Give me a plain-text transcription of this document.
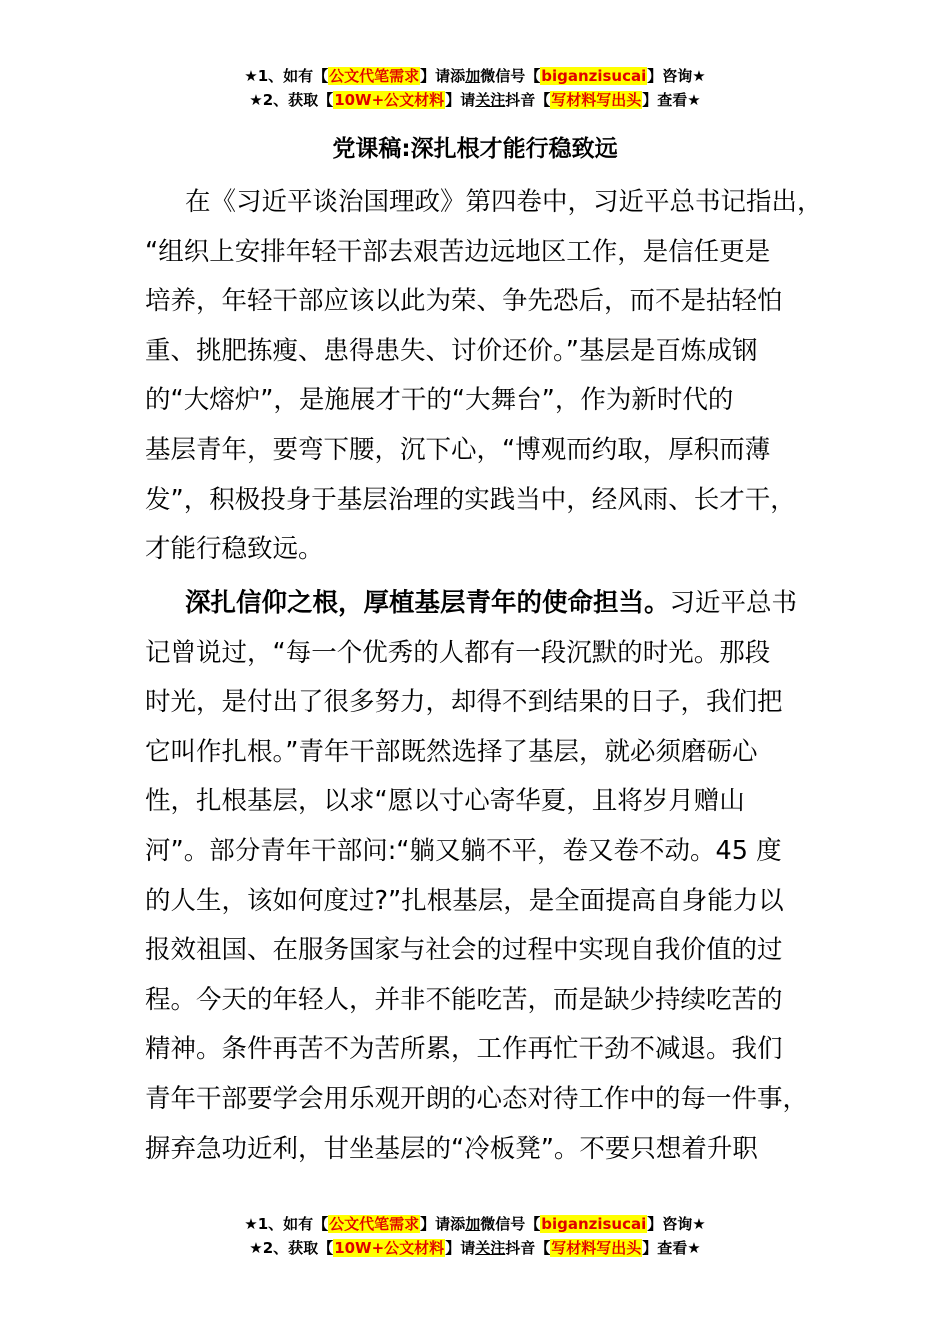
★1、如有【公文代笔需求】请添加微信号【biganzisucai】咨询★
★2、获取【10W+公文材料】请关注抖音【写材料写出头】查看★
党课稿:深扎根才能行稳致远
在《习近平谈治国理政》第四卷中，习近平总书记指出，
“组织上安排年轻干部去艰苦边远地区工作，是信任更是
培养，年轻干部应该以此为荣、争先恐后，而不是拈轻怕
重、挑肥拣瘦、患得患失、讨价还价。”基层是百炼成钢
的“大熔炉”，是施展才干的“大舞台”，作为新时代的
基层青年，要弯下腰，沉下心，“博观而约取，厚积而薄
发”，积极投身于基层治理的实践当中，经风雨、长才干，
才能行稳致远。
深扎信仰之根，厚植基层青年的使命担当。习近平总书
记曾说过，“每一个优秀的人都有一段沉默的时光。那段
时光，是付出了很多努力，却得不到结果的日子，我们把
它叫作扎根。”青年干部既然选择了基层，就必须磨砺心
性，扎根基层，以求“愿以寸心寄华夏，且将岁月赠山
河”。部分青年干部问:“躺又躺不平，卷又卷不动。45 度
的人生，该如何度过?”扎根基层，是全面提高自身能力以
报效祖国、在服务国家与社会的过程中实现自我价值的过
程。今天的年轻人，并非不能吃苦，而是缺少持续吃苦的
精神。条件再苦不为苦所累，工作再忙干劲不减退。我们
青年干部要学会用乐观开朗的心态对待工作中的每一件事，
摒弃急功近利，甘坐基层的“冷板凳”。不要只想着升职
★1、如有【公文代笔需求】请添加微信号【biganzisucai】咨询★
★2、获取【10W+公文材料】请关注抖音【写材料写出头】查看★
